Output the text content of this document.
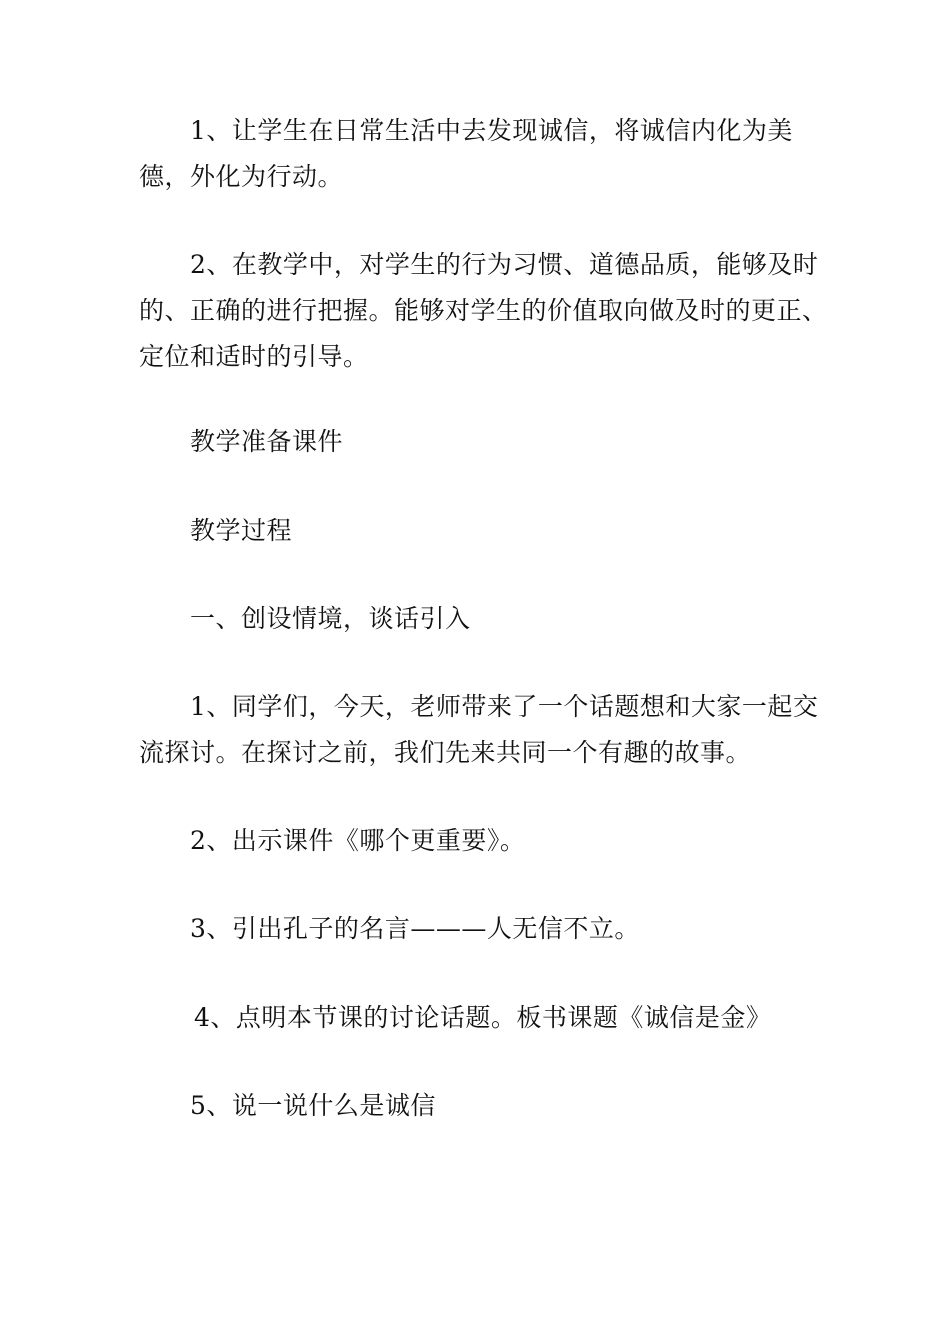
1、让学生在日常生活中去发现诚信，将诚信内化为美德，外化为行动。

2、在教学中，对学生的行为习惯、道德品质，能够及时的、正确的进行把握。能够对学生的价值取向做及时的更正、定位和适时的引导。

教学准备课件

教学过程

一、创设情境，谈话引入

1、同学们，今天，老师带来了一个话题想和大家一起交流探讨。在探讨之前，我们先来共同一个有趣的故事。

2、出示课件《哪个更重要》。

3、引出孔子的名言———人无信不立。

4、点明本节课的讨论话题。板书课题《诚信是金》

5、说一说什么是诚信
